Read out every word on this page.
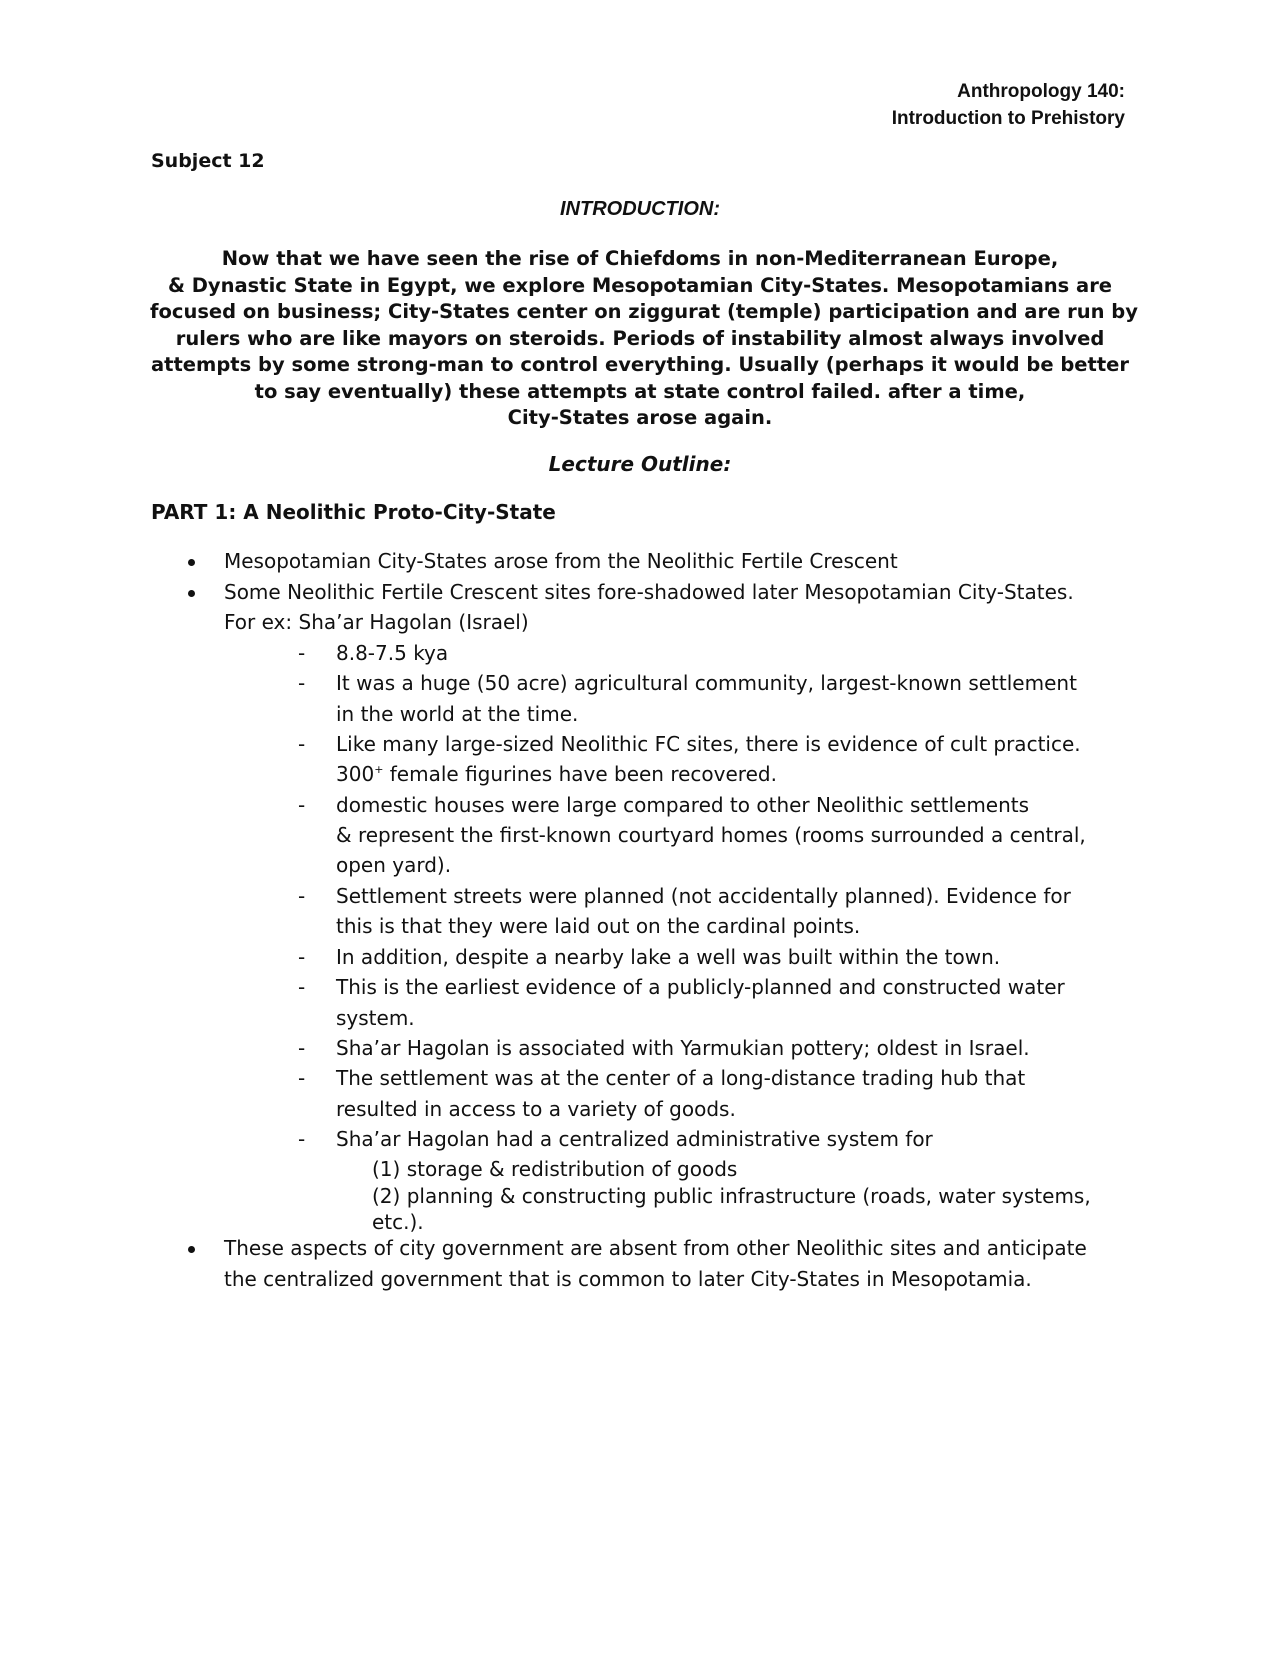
Anthropology 140:
Introduction to Prehistory
Subject 12
INTRODUCTION:
Now that we have seen the rise of Chiefdoms in non-Mediterranean Europe,
& Dynastic State in Egypt, we explore Mesopotamian City-States. Mesopotamians are
focused on business; City-States center on ziggurat (temple) participation and are run by
rulers who are like mayors on steroids. Periods of instability almost always involved
attempts by some strong-man to control everything. Usually (perhaps it would be better
to say eventually) these attempts at state control failed. after a time,
City-States arose again.
Lecture Outline:
PART 1: A Neolithic Proto-City-State
Mesopotamian City-States arose from the Neolithic Fertile Crescent
Some Neolithic Fertile Crescent sites fore-shadowed later Mesopotamian City-States.
For ex: Sha’ar Hagolan (Israel)
- 8.8-7.5 kya
- It was a huge (50 acre) agricultural community, largest-known settlement
in the world at the time.
- Like many large-sized Neolithic FC sites, there is evidence of cult practice.
300+ female figurines have been recovered.
- domestic houses were large compared to other Neolithic settlements
& represent the first-known courtyard homes (rooms surrounded a central,
open yard).
- Settlement streets were planned (not accidentally planned). Evidence for
this is that they were laid out on the cardinal points.
- In addition, despite a nearby lake a well was built within the town.
- This is the earliest evidence of a publicly-planned and constructed water
system.
- Sha’ar Hagolan is associated with Yarmukian pottery; oldest in Israel.
- The settlement was at the center of a long-distance trading hub that
resulted in access to a variety of goods.
- Sha’ar Hagolan had a centralized administrative system for
(1) storage & redistribution of goods
(2) planning & constructing public infrastructure (roads, water systems,
etc.).
These aspects of city government are absent from other Neolithic sites and anticipate
the centralized government that is common to later City-States in Mesopotamia.
